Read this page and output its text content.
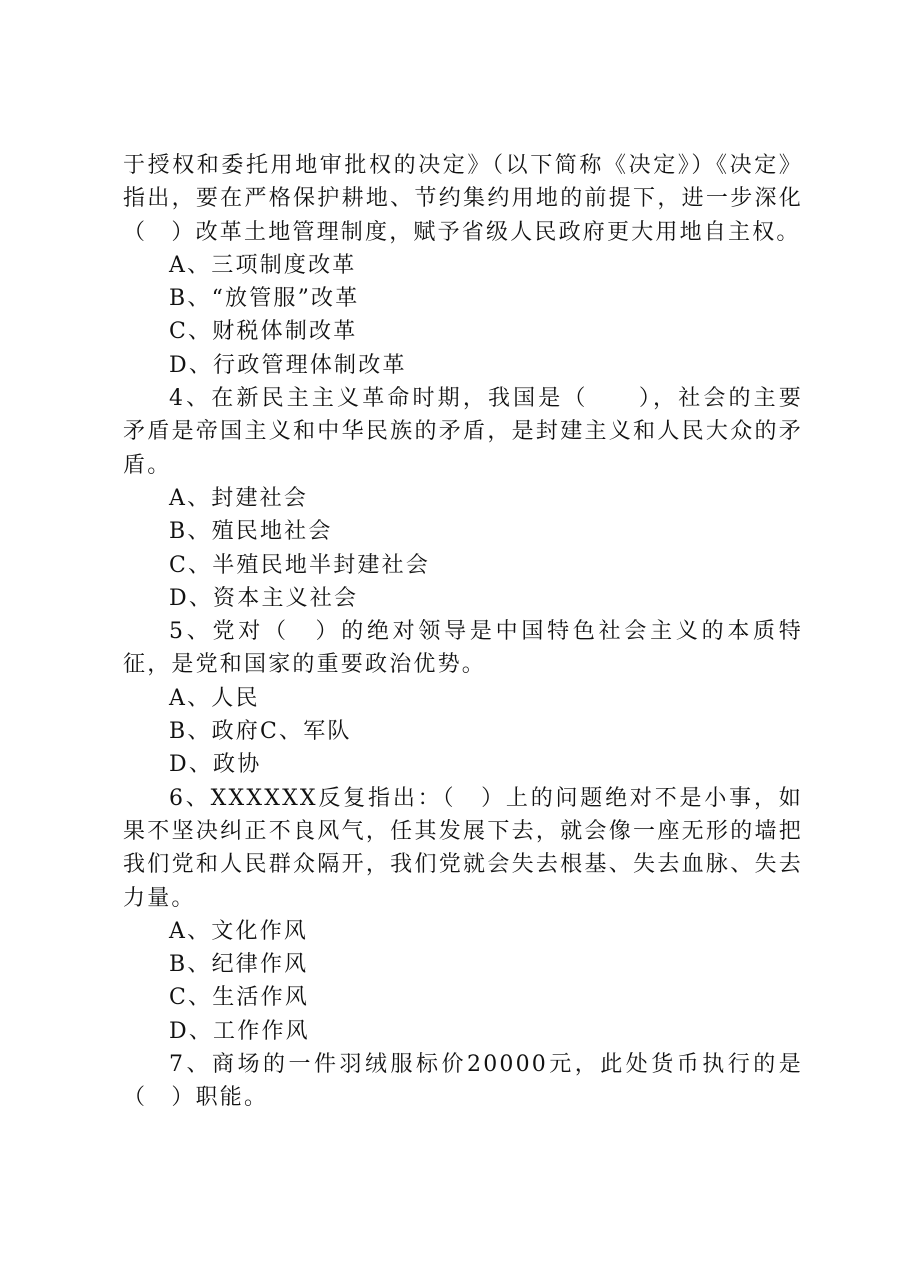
于授权和委托用地审批权的决定》（以下简称《决定》）《决定》指出，要在严格保护耕地、节约集约用地的前提下，进一步深化（　）改革土地管理制度，赋予省级人民政府更大用地自主权。

A、三项制度改革

B、“放管服”改革

C、财税体制改革

D、行政管理体制改革

4、在新民主主义革命时期，我国是（　　），社会的主要矛盾是帝国主义和中华民族的矛盾，是封建主义和人民大众的矛盾。

A、封建社会

B、殖民地社会

C、半殖民地半封建社会

D、资本主义社会

5、党对（　）的绝对领导是中国特色社会主义的本质特征，是党和国家的重要政治优势。

A、人民

B、政府C、军队

D、政协

6、XXXXXX反复指出：（　）上的问题绝对不是小事，如果不坚决纠正不良风气，任其发展下去，就会像一座无形的墙把我们党和人民群众隔开，我们党就会失去根基、失去血脉、失去力量。

A、文化作风

B、纪律作风

C、生活作风

D、工作作风

7、商场的一件羽绒服标价20000元，此处货币执行的是（　）职能。
